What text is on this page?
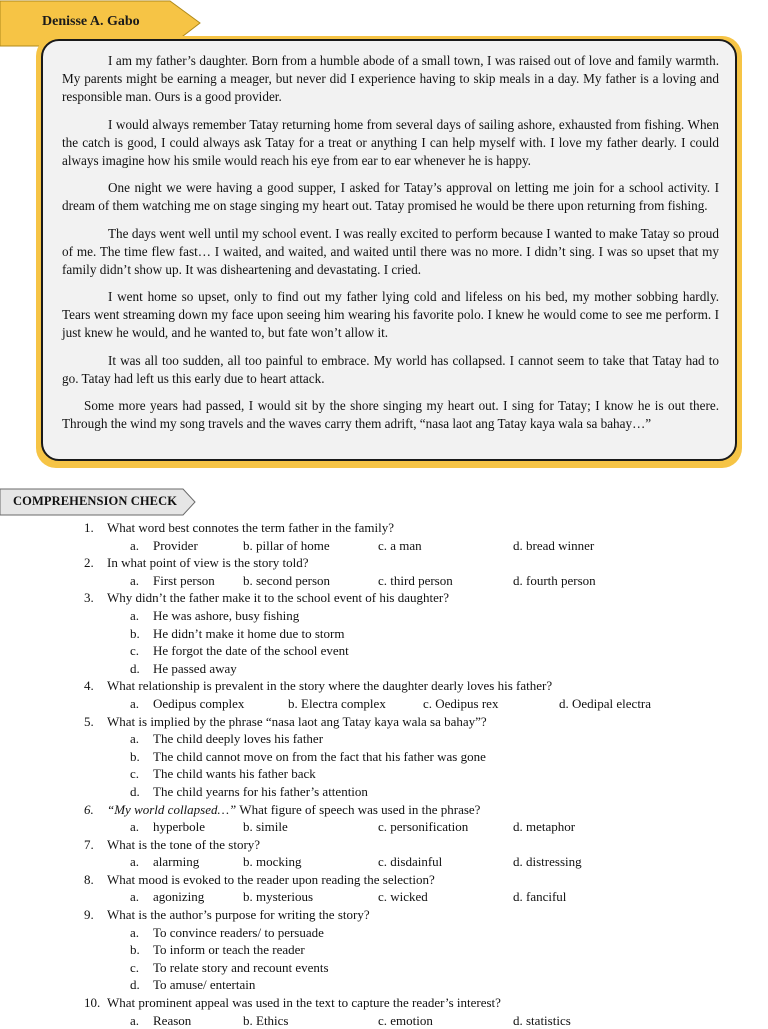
Denisse A. Gabo

I am my father’s daughter. Born from a humble abode of a small town, I was raised out of love and family warmth. My parents might be earning a meager, but never did I experience having to skip meals in a day. My father is a loving and responsible man. Ours is a good provider.

I would always remember Tatay returning home from several days of sailing ashore, exhausted from fishing. When the catch is good, I could always ask Tatay for a treat or anything I can help myself with. I love my father dearly. I could always imagine how his smile would reach his eye from ear to ear whenever he is happy.

One night we were having a good supper, I asked for Tatay’s approval on letting me join for a school activity. I dream of them watching me on stage singing my heart out. Tatay promised he would be there upon returning from fishing.

The days went well until my school event. I was really excited to perform because I wanted to make Tatay so proud of me. The time flew fast… I waited, and waited, and waited until there was no more. I didn’t sing. I was so upset that my family didn’t show up. It was disheartening and devastating. I cried.

I went home so upset, only to find out my father lying cold and lifeless on his bed, my mother sobbing hardly. Tears went streaming down my face upon seeing him wearing his favorite polo. I knew he would come to see me perform. I just knew he would, and he wanted to, but fate won’t allow it.

It was all too sudden, all too painful to embrace. My world has collapsed. I cannot seem to take that Tatay had to go. Tatay had left us this early due to heart attack.

Some more years had passed, I would sit by the shore singing my heart out. I sing for Tatay; I know he is out there. Through the wind my song travels and the waves carry them adrift, “nasa laot ang Tatay kaya wala sa bahay…”

COMPREHENSION CHECK
1. What word best connotes the term father in the family?
a. Provider	b. pillar of home	c. a man	d. bread winner
2. In what point of view is the story told?
a. First person b. second person	c. third person	d. fourth person
3. Why didn’t the father make it to the school event of his daughter?
a. He was ashore, busy fishing
b. He didn’t make it home due to storm
c. He forgot the date of the school event
d. He passed away
4. What relationship is prevalent in the story where the daughter dearly loves his father?
a. Oedipus complex	b. Electra complex	c. Oedipus rex	d. Oedipal electra
5. What is implied by the phrase “nasa laot ang Tatay kaya wala sa bahay”?
a. The child deeply loves his father
b. The child cannot move on from the fact that his father was gone
c. The child wants his father back
d. The child yearns for his father’s attention
6. “My world collapsed…” What figure of speech was used in the phrase?
a. hyperbole	b. simile	c. personification	d. metaphor
7. What is the tone of the story?
a. alarming	b. mocking	c. disdainful	d. distressing
8. What mood is evoked to the reader upon reading the selection?
a. agonizing	b. mysterious	c. wicked	d. fanciful
9. What is the author’s purpose for writing the story?
a. To convince readers/ to persuade
b. To inform or teach the reader
c. To relate story and recount events
d. To amuse/ entertain
10. What prominent appeal was used in the text to capture the reader’s interest?
a. Reason	b. Ethics	c. emotion	d. statistics
